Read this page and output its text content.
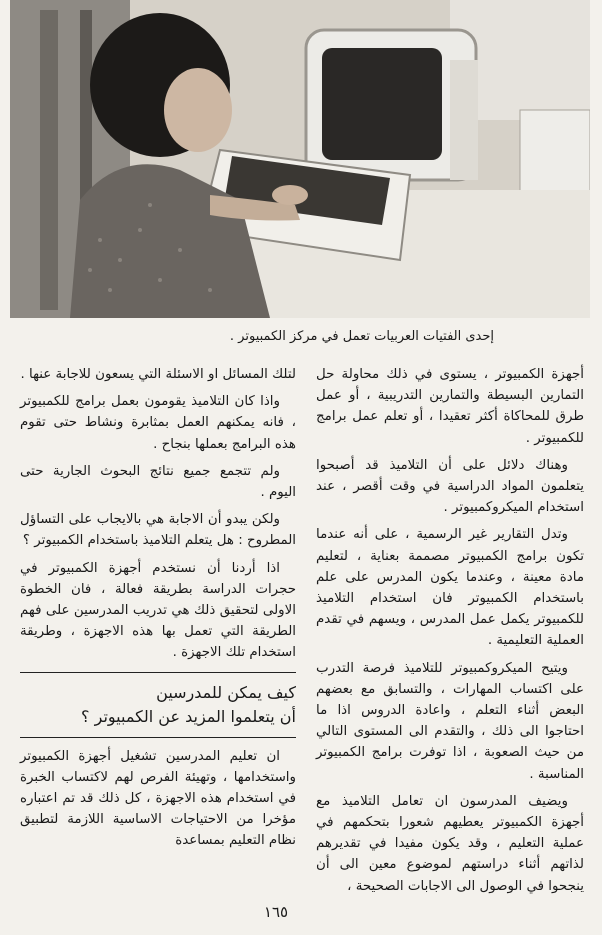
إحدى الفتيات العربيات تعمل في مركز الكمبيوتر .

أجهزة الكمبيوتر ، يستوى في ذلك محاولة حل التمارين البسيطة والتمارين التدريبية ، أو عمل طرق للمحاكاة أكثر تعقيدا ، أو تعلم عمل برامج للكمبيوتر .

وهناك دلائل على أن التلاميذ قد أصبحوا يتعلمون المواد الدراسية في وقت أقصر ، عند استخدام الميكروكمبيوتر .

وتدل التقارير غير الرسمية ، على أنه عندما تكون برامج الكمبيوتر مصممة بعناية ، لتعليم مادة معينة ، وعندما يكون المدرس على علم باستخدام الكمبيوتر فان استخدام التلاميذ للكمبيوتر يكمل عمل المدرس ، ويسهم في تقدم العملية التعليمية .

ويتيح الميكروكمبيوتر للتلاميذ فرصة التدرب على اكتساب المهارات ، والتسابق مع بعضهم البعض أثناء التعلم ، واعادة الدروس اذا ما احتاجوا الى ذلك ، والتقدم الى المستوى التالي من حيث الصعوبة ، اذا توفرت برامج الكمبيوتر المناسبة .

ويضيف المدرسون ان تعامل التلاميذ مع أجهزة الكمبيوتر يعطيهم شعورا بتحكمهم في عملية التعليم ، وقد يكون مفيدا في تقديرهم لذاتهم أثناء دراستهم لموضوع معين الى أن ينجحوا في الوصول الى الاجابات الصحيحة ،

لتلك المسائل او الاسئلة التي يسعون للاجابة عنها .

واذا كان التلاميذ يقومون بعمل برامج للكمبيوتر ، فانه يمكنهم العمل بمثابرة ونشاط حتى تقوم هذه البرامج بعملها بنجاح .

ولم تتجمع جميع نتائج البحوث الجارية حتى اليوم .

ولكن يبدو أن الاجابة هي بالايجاب على التساؤل المطروح : هل يتعلم التلاميذ باستخدام الكمبيوتر ؟

اذا أردنا أن نستخدم أجهزة الكمبيوتر في حجرات الدراسة بطريقة فعالة ، فان الخطوة الاولى لتحقيق ذلك هي تدريب المدرسين على فهم الطريقة التي تعمل بها هذه الاجهزة ، وطريقة استخدام تلك الاجهزة .

كيف يمكن للمدرسين
أن يتعلموا المزيد عن الكمبيوتر ؟

ان تعليم المدرسين تشغيل أجهزة الكمبيوتر واستخدامها ، وتهيئة الفرص لهم لاكتساب الخبرة في استخدام هذه الاجهزة ، كل ذلك قد تم اعتباره مؤخرا من الاحتياجات الاساسية اللازمة لتطبيق نظام التعليم بمساعدة

١٦٥
